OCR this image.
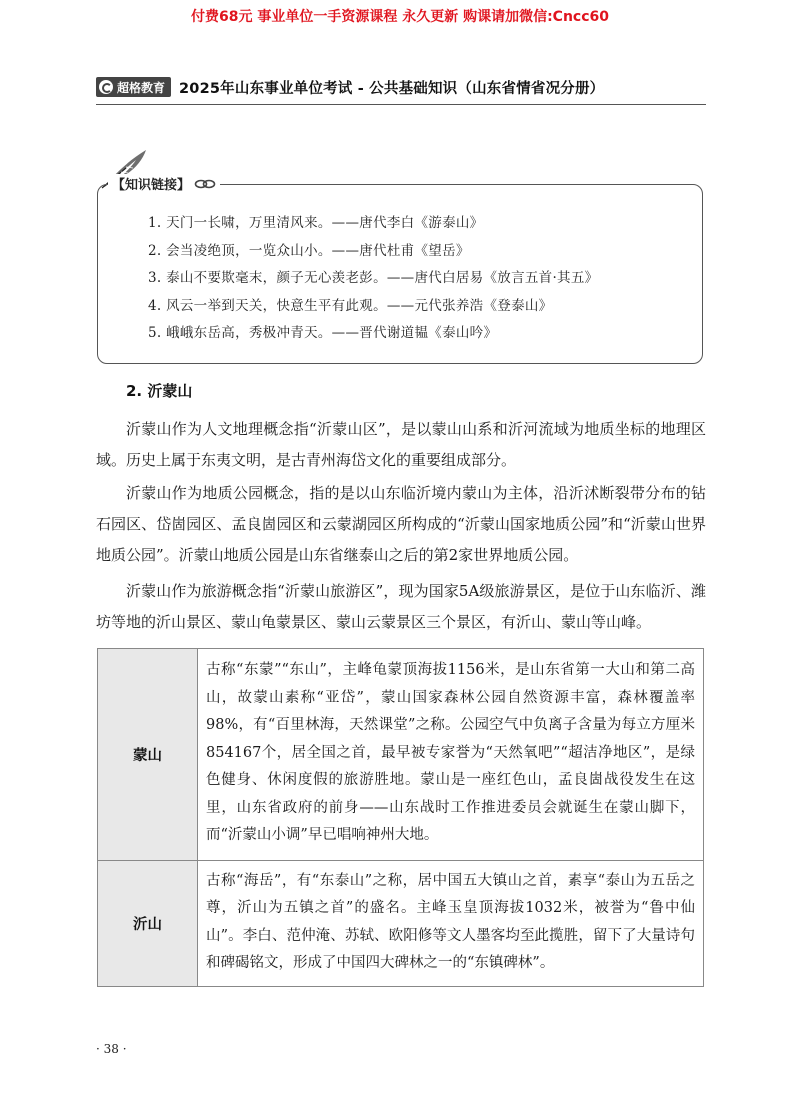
付费68元 事业单位一手资源课程 永久更新 购课请加微信:Cncc60
超格教育 2025年山东事业单位考试 - 公共基础知识（山东省情省况分册）
【知识链接】
1. 天门一长啸，万里清风来。——唐代李白《游泰山》
2. 会当凌绝顶，一览众山小。——唐代杜甫《望岳》
3. 泰山不要欺毫末，颜子无心羡老彭。——唐代白居易《放言五首·其五》
4. 风云一举到天关，快意生平有此观。——元代张养浩《登泰山》
5. 峨峨东岳高，秀极冲青天。——晋代谢道韫《泰山吟》
2. 沂蒙山

沂蒙山作为人文地理概念指“沂蒙山区”，是以蒙山山系和沂河流域为地质坐标的地理区域。历史上属于东夷文明，是古青州海岱文化的重要组成部分。

沂蒙山作为地质公园概念，指的是以山东临沂境内蒙山为主体，沿沂沭断裂带分布的钻石园区、岱崮园区、孟良崮园区和云蒙湖园区所构成的“沂蒙山国家地质公园”和“沂蒙山世界地质公园”。沂蒙山地质公园是山东省继泰山之后的第2家世界地质公园。

沂蒙山作为旅游概念指“沂蒙山旅游区”，现为国家5A级旅游景区，是位于山东临沂、潍坊等地的沂山景区、蒙山龟蒙景区、蒙山云蒙景区三个景区，有沂山、蒙山等山峰。

蒙山	古称“东蒙”“东山”，主峰龟蒙顶海拔1156米，是山东省第一大山和第二高山，故蒙山素称“亚岱”，蒙山国家森林公园自然资源丰富，森林覆盖率98%，有“百里林海，天然课堂”之称。公园空气中负离子含量为每立方厘米854167个，居全国之首，最早被专家誉为“天然氧吧”“超洁净地区”，是绿色健身、休闲度假的旅游胜地。蒙山是一座红色山，孟良崮战役发生在这里，山东省政府的前身——山东战时工作推进委员会就诞生在蒙山脚下，而“沂蒙山小调”早已唱响神州大地。
沂山	古称“海岳”，有“东泰山”之称，居中国五大镇山之首，素享“泰山为五岳之尊，沂山为五镇之首”的盛名。主峰玉皇顶海拔1032米，被誉为“鲁中仙山”。李白、范仲淹、苏轼、欧阳修等文人墨客均至此揽胜，留下了大量诗句和碑碣铭文，形成了中国四大碑林之一的“东镇碑林”。
· 38 ·
